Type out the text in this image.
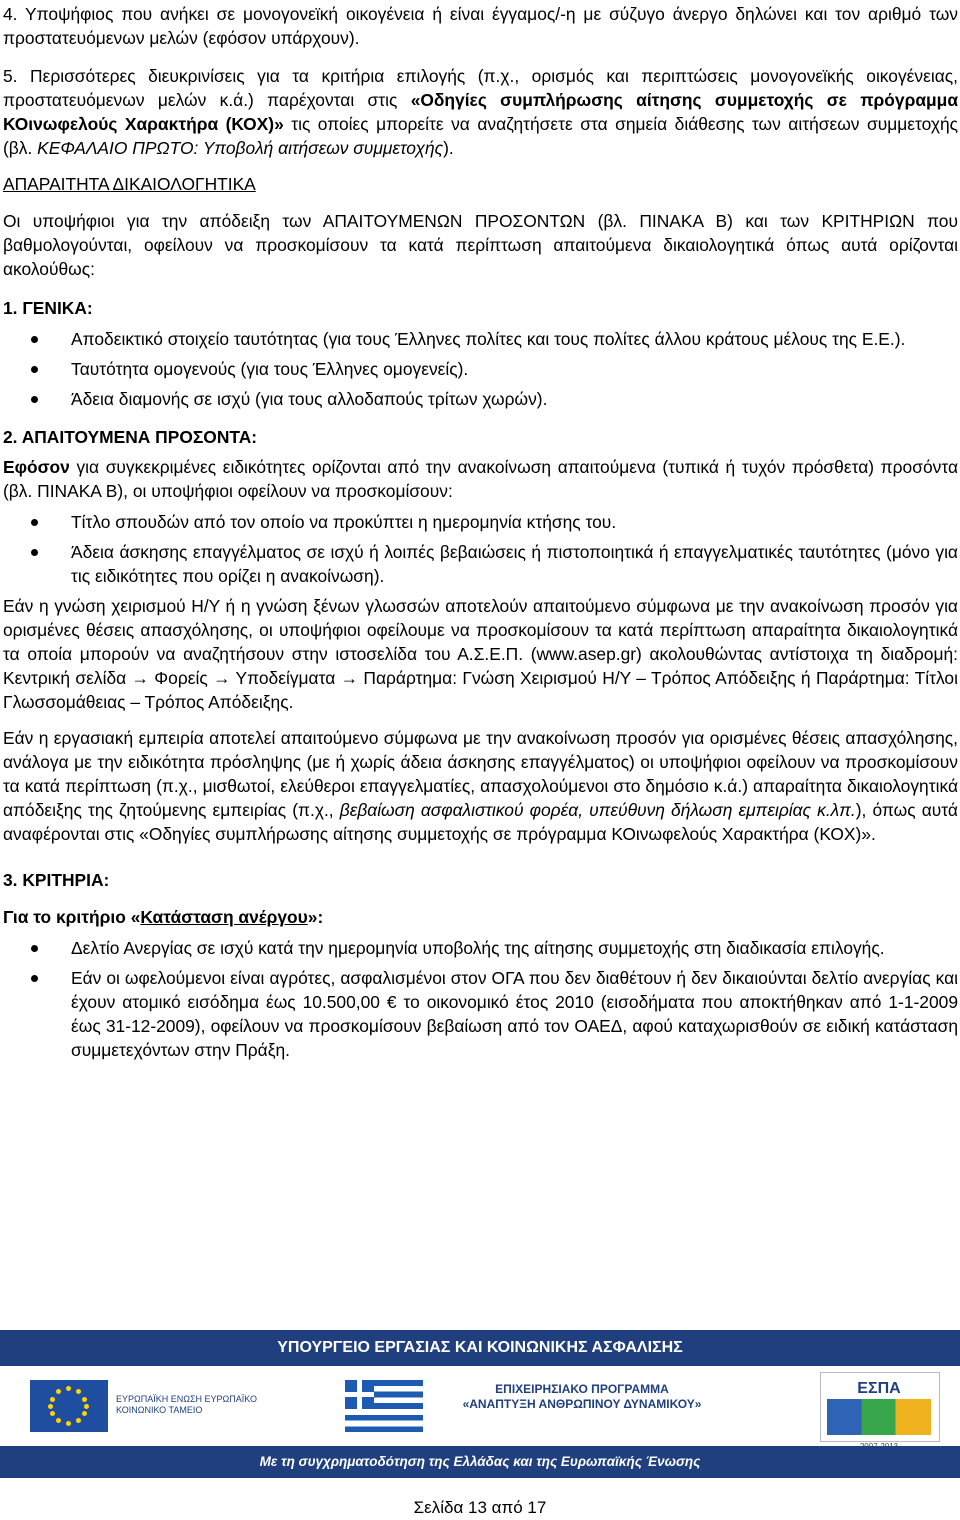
4. Υποψήφιος που ανήκει σε μονογονεϊκή οικογένεια ή είναι έγγαμος/-η με σύζυγο άνεργο δηλώνει και τον αριθμό των προστατευόμενων μελών (εφόσον υπάρχουν).

5. Περισσότερες διευκρινίσεις για τα κριτήρια επιλογής (π.χ., ορισμός και περιπτώσεις μονογονεϊκής οικογένειας, προστατευόμενων μελών κ.ά.) παρέχονται στις «Οδηγίες συμπλήρωσης αίτησης συμμετοχής σε πρόγραμμα ΚΟινωφελούς Χαρακτήρα (ΚΟΧ)» τις οποίες μπορείτε να αναζητήσετε στα σημεία διάθεσης των αιτήσεων συμμετοχής (βλ. ΚΕΦΑΛΑΙΟ ΠΡΩΤΟ: Υποβολή αιτήσεων συμμετοχής).

ΑΠΑΡΑΙΤΗΤΑ ΔΙΚΑΙΟΛΟΓΗΤΙΚΑ

Οι υποψήφιοι για την απόδειξη των ΑΠΑΙΤΟΥΜΕΝΩΝ ΠΡΟΣΟΝΤΩΝ (βλ. ΠΙΝΑΚΑ Β) και των ΚΡΙΤΗΡΙΩΝ που βαθμολογούνται, οφείλουν να προσκομίσουν τα κατά περίπτωση απαιτούμενα δικαιολογητικά όπως αυτά ορίζονται ακολούθως:

1. ΓΕΝΙΚΑ:

Αποδεικτικό στοιχείο ταυτότητας (για τους Έλληνες πολίτες και τους πολίτες άλλου κράτους μέλους της Ε.Ε.).
Ταυτότητα ομογενούς (για τους Έλληνες ομογενείς).
Άδεια διαμονής σε ισχύ (για τους αλλοδαπούς τρίτων χωρών).

2. ΑΠΑΙΤΟΥΜΕΝΑ ΠΡΟΣΟΝΤΑ:

Εφόσον για συγκεκριμένες ειδικότητες ορίζονται από την ανακοίνωση απαιτούμενα (τυπικά ή τυχόν πρόσθετα) προσόντα (βλ. ΠΙΝΑΚΑ Β), οι υποψήφιοι οφείλουν να προσκομίσουν:

Τίτλο σπουδών από τον οποίο να προκύπτει η ημερομηνία κτήσης του.
Άδεια άσκησης επαγγέλματος σε ισχύ ή λοιπές βεβαιώσεις ή πιστοποιητικά ή επαγγελματικές ταυτότητες (μόνο για τις ειδικότητες που ορίζει η ανακοίνωση).

Εάν η γνώση χειρισμού Η/Υ ή η γνώση ξένων γλωσσών αποτελούν απαιτούμενο σύμφωνα με την ανακοίνωση προσόν για ορισμένες θέσεις απασχόλησης, οι υποψήφιοι οφείλουμε να προσκομίσουν τα κατά περίπτωση απαραίτητα δικαιολογητικά τα οποία μπορούν να αναζητήσουν στην ιστοσελίδα του Α.Σ.Ε.Π. (www.asep.gr) ακολουθώντας αντίστοιχα τη διαδρομή: Κεντρική σελίδα → Φορείς → Υποδείγματα → Παράρτημα: Γνώση Χειρισμού Η/Υ – Τρόπος Απόδειξης ή Παράρτημα: Τίτλοι Γλωσσομάθειας – Τρόπος Απόδειξης.

Εάν η εργασιακή εμπειρία αποτελεί απαιτούμενο σύμφωνα με την ανακοίνωση προσόν για ορισμένες θέσεις απασχόλησης, ανάλογα με την ειδικότητα πρόσληψης (με ή χωρίς άδεια άσκησης επαγγέλματος) οι υποψήφιοι οφείλουν να προσκομίσουν τα κατά περίπτωση (π.χ., μισθωτοί, ελεύθεροι επαγγελματίες, απασχολούμενοι στο δημόσιο κ.ά.) απαραίτητα δικαιολογητικά απόδειξης της ζητούμενης εμπειρίας (π.χ., βεβαίωση ασφαλιστικού φορέα, υπεύθυνη δήλωση εμπειρίας κ.λπ.), όπως αυτά αναφέρονται στις «Οδηγίες συμπλήρωσης αίτησης συμμετοχής σε πρόγραμμα ΚΟινωφελούς Χαρακτήρα (ΚΟΧ)».

3. ΚΡΙΤΗΡΙΑ:

Για το κριτήριο «Κατάσταση ανέργου»:

Δελτίο Ανεργίας σε ισχύ κατά την ημερομηνία υποβολής της αίτησης συμμετοχής στη διαδικασία επιλογής.
Εάν οι ωφελούμενοι είναι αγρότες, ασφαλισμένοι στον ΟΓΑ που δεν διαθέτουν ή δεν δικαιούνται δελτίο ανεργίας και έχουν ατομικό εισόδημα έως 10.500,00 € το οικονομικό έτος 2010 (εισοδήματα που αποκτήθηκαν από 1-1-2009 έως 31-12-2009), οφείλουν να προσκομίσουν βεβαίωση από τον ΟΑΕΔ, αφού καταχωρισθούν σε ειδική κατάσταση συμμετεχόντων στην Πράξη.
ΥΠΟΥΡΓΕΙΟ ΕΡΓΑΣΙΑΣ ΚΑΙ ΚΟΙΝΩΝΙΚΗΣ ΑΣΦΑΛΙΣΗΣ
ΕΥΡΩΠΑΪΚΗ ΕΝΩΣΗ ΕΥΡΩΠΑΪΚΟ ΚΟΙΝΩΝΙΚΟ ΤΑΜΕΙΟ
ΕΠΙΧΕΙΡΗΣΙΑΚΟ ΠΡΟΓΡΑΜΜΑ
«ΑΝΑΠΤΥΞΗ ΑΝΘΡΩΠΙΝΟΥ ΔΥΝΑΜΙΚΟΥ»
ΕΣΠΑ
Με τη συγχρηματοδότηση της Ελλάδας και της Ευρωπαϊκής Ένωσης
Σελίδα 13 από 17
